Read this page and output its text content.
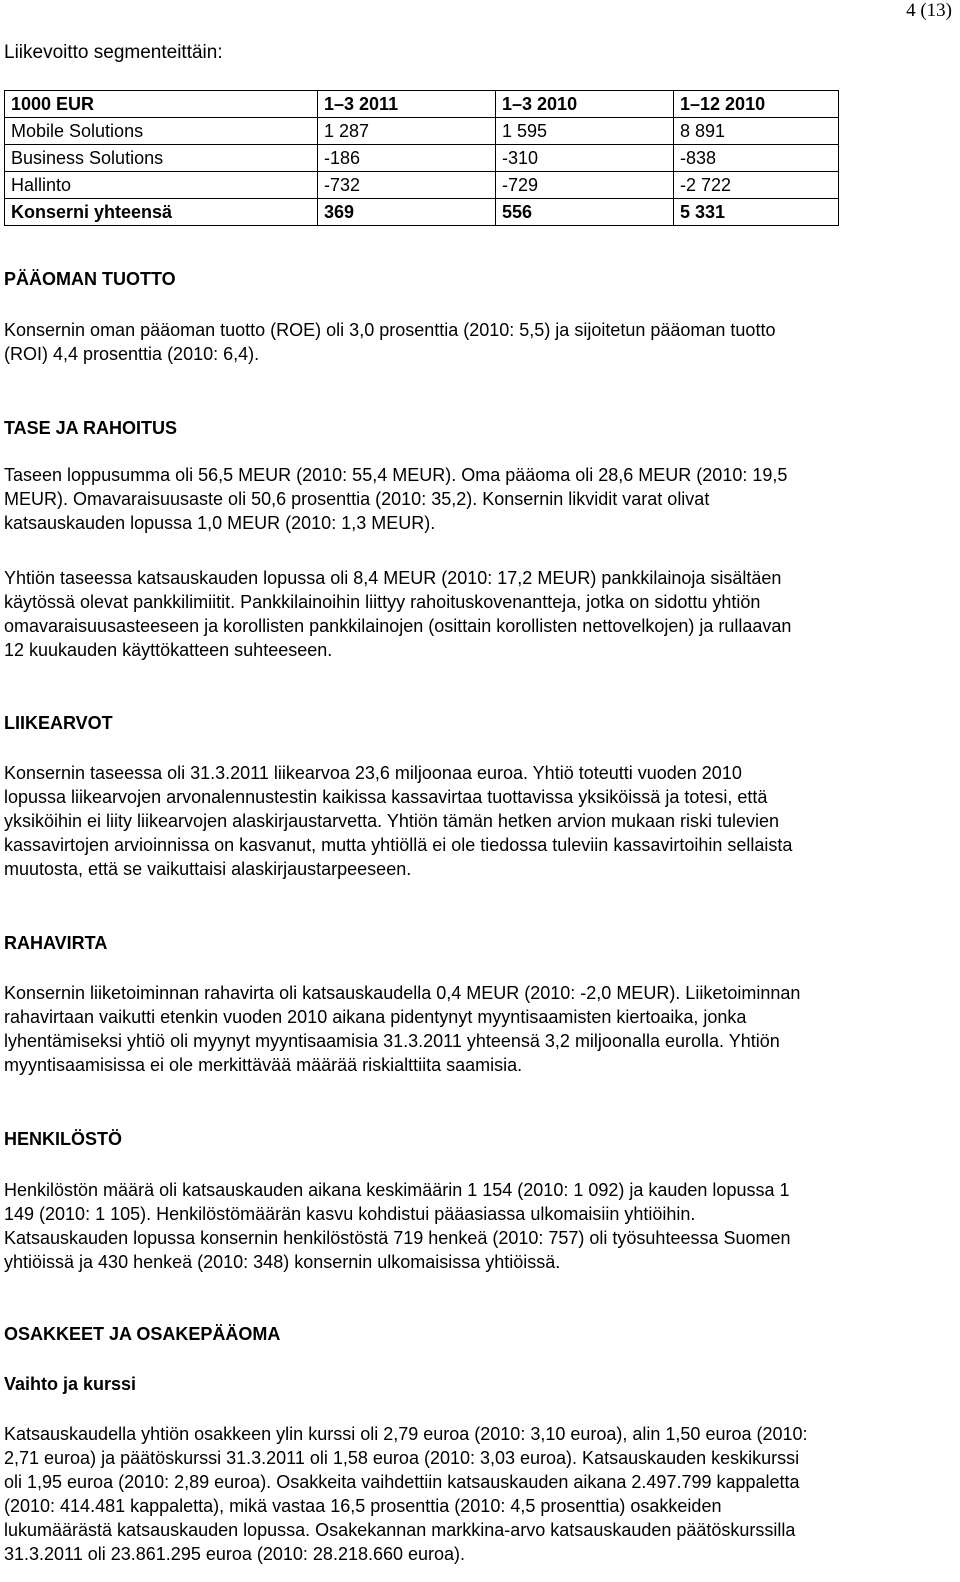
4 (13)
Liikevoitto segmenteittäin:
1000 EUR	1–3 2011	1–3 2010	1–12 2010
Mobile Solutions	1 287	1 595	8 891
Business Solutions	-186	-310	-838
Hallinto	-732	-729	-2 722
Konserni yhteensä	369	556	5 331
PÄÄOMAN TUOTTO
Konsernin oman pääoman tuotto (ROE) oli 3,0 prosenttia (2010: 5,5) ja sijoitetun pääoman tuotto
(ROI) 4,4 prosenttia (2010: 6,4).
TASE JA RAHOITUS
Taseen loppusumma oli 56,5 MEUR (2010: 55,4 MEUR). Oma pääoma oli 28,6 MEUR (2010: 19,5
MEUR). Omavaraisuusaste oli 50,6 prosenttia (2010: 35,2). Konsernin likvidit varat olivat
katsauskauden lopussa 1,0 MEUR (2010: 1,3 MEUR).
Yhtiön taseessa katsauskauden lopussa oli 8,4 MEUR (2010: 17,2 MEUR) pankkilainoja sisältäen
käytössä olevat pankkilimiitit. Pankkilainoihin liittyy rahoituskovenantteja, jotka on sidottu yhtiön
omavaraisuusasteeseen ja korollisten pankkilainojen (osittain korollisten nettovelkojen) ja rullaavan
12 kuukauden käyttökatteen suhteeseen.
LIIKEARVOT
Konsernin taseessa oli 31.3.2011 liikearvoa 23,6 miljoonaa euroa. Yhtiö toteutti vuoden 2010
lopussa liikearvojen arvonalennustestin kaikissa kassavirtaa tuottavissa yksiköissä ja totesi, että
yksiköihin ei liity liikearvojen alaskirjaustarvetta. Yhtiön tämän hetken arvion mukaan riski tulevien
kassavirtojen arvioinnissa on kasvanut, mutta yhtiöllä ei ole tiedossa tuleviin kassavirtoihin sellaista
muutosta, että se vaikuttaisi alaskirjaustarpeeseen.
RAHAVIRTA
Konsernin liiketoiminnan rahavirta oli katsauskaudella 0,4 MEUR (2010: -2,0 MEUR). Liiketoiminnan
rahavirtaan vaikutti etenkin vuoden 2010 aikana pidentynyt myyntisaamisten kiertoaika, jonka
lyhentämiseksi yhtiö oli myynyt myyntisaamisia 31.3.2011 yhteensä 3,2 miljoonalla eurolla. Yhtiön
myyntisaamisissa ei ole merkittävää määrää riskialttiita saamisia.
HENKILÖSTÖ
Henkilöstön määrä oli katsauskauden aikana keskimäärin 1 154 (2010: 1 092) ja kauden lopussa 1
149 (2010: 1 105). Henkilöstömäärän kasvu kohdistui pääasiassa ulkomaisiin yhtiöihin.
Katsauskauden lopussa konsernin henkilöstöstä 719 henkeä (2010: 757) oli työsuhteessa Suomen
yhtiöissä ja 430 henkeä (2010: 348) konsernin ulkomaisissa yhtiöissä.
OSAKKEET JA OSAKEPÄÄOMA
Vaihto ja kurssi
Katsauskaudella yhtiön osakkeen ylin kurssi oli 2,79 euroa (2010: 3,10 euroa), alin 1,50 euroa (2010:
2,71 euroa) ja päätöskurssi 31.3.2011 oli 1,58 euroa (2010: 3,03 euroa). Katsauskauden keskikurssi
oli 1,95 euroa (2010: 2,89 euroa). Osakkeita vaihdettiin katsauskauden aikana 2.497.799 kappaletta
(2010: 414.481 kappaletta), mikä vastaa 16,5 prosenttia (2010: 4,5 prosenttia) osakkeiden
lukumäärästä katsauskauden lopussa. Osakekannan markkina-arvo katsauskauden päätöskurssilla
31.3.2011 oli 23.861.295 euroa (2010: 28.218.660 euroa).
